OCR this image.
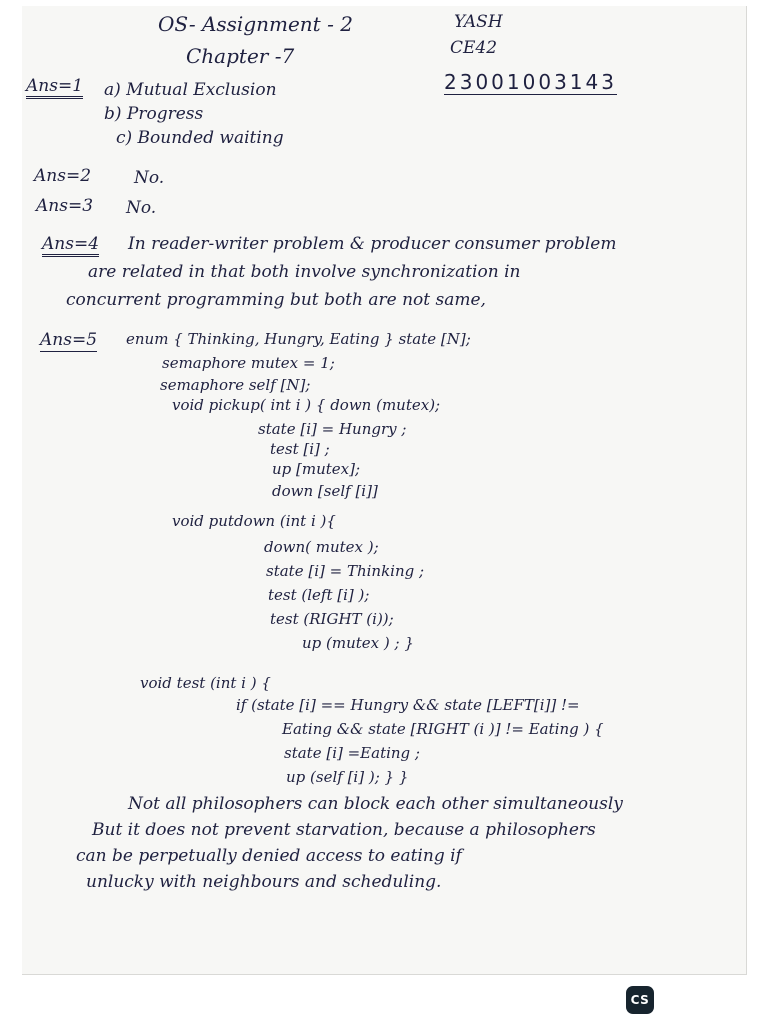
OS- Assignment - 2
Chapter -7
YASH
CE42
23001003143
Ans=1 a) Mutual Exclusion
b) Progress
c) Bounded waiting
Ans=2	No.
Ans=3 No.
Ans=4 In reader-writer problem & producer consumer problem
are related in that both involve synchronization in
concurrent programming but both are not same,
Ans=5 enum { Thinking, Hungry, Eating } state [N];
semaphore mutex = 1;
semaphore self [N];
void pickup( int i ) { down (mutex);
state [i] = Hungry ;
test [i] ;
up [mutex];
down [self [i]]
void putdown (int i ){
down( mutex );
state [i] = Thinking ;
test (left [i] );
test (RIGHT (i));
up (mutex ) ; }
void test (int i ) {
if (state [i] == Hungry && state [LEFT[i]] !=
Eating && state [RIGHT (i )] != Eating ) {
state [i] =Eating ;
up (self [i] ); } }
Not all philosophers can block each other simultaneously
But it does not prevent starvation, because a philosophers
can be perpetually denied access to eating if
unlucky with neighbours and scheduling.
CS
